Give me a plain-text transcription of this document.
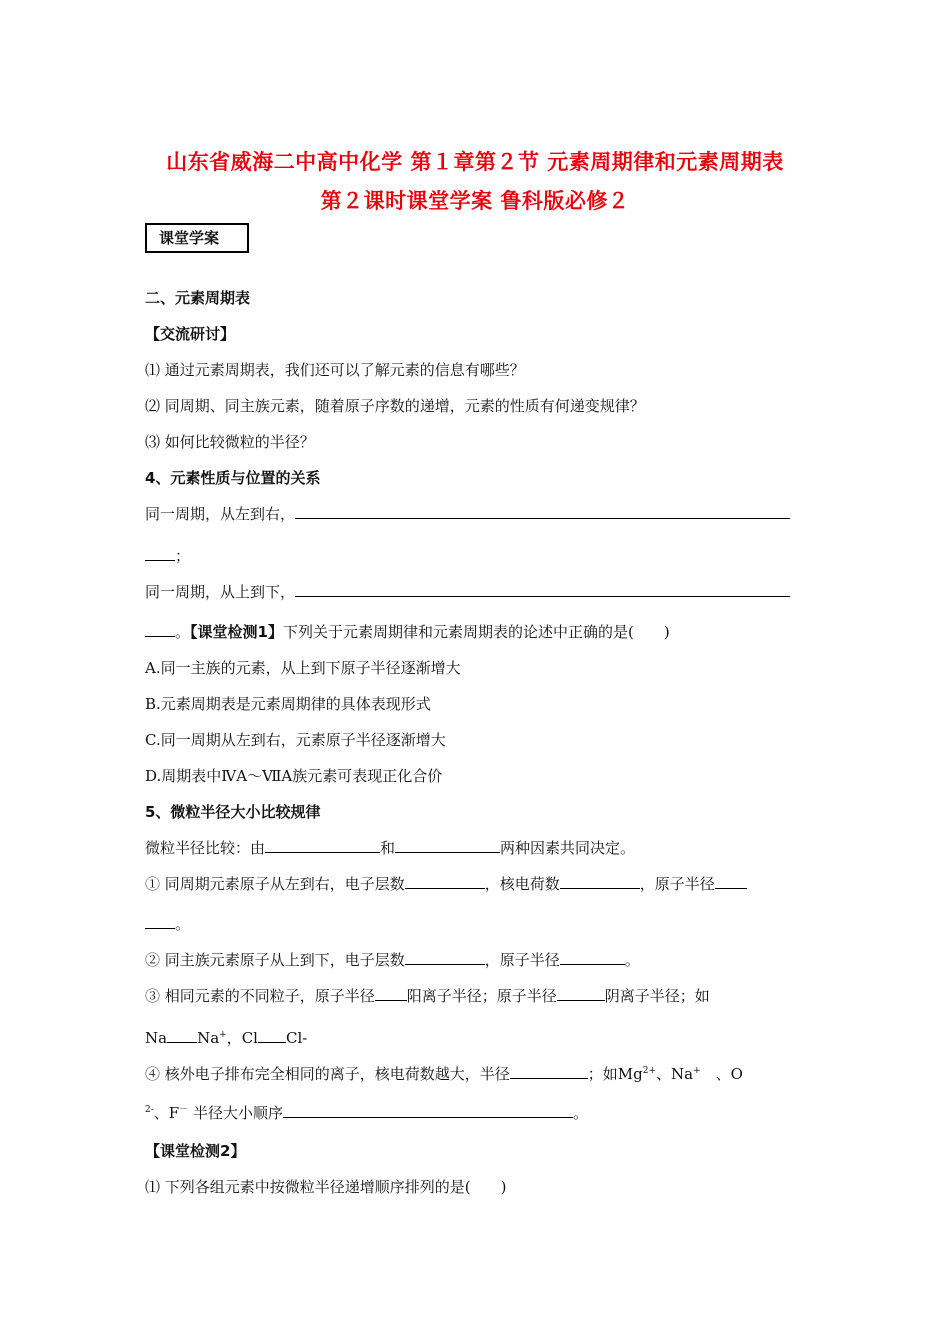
山东省威海二中高中化学 第１章第２节 元素周期律和元素周期表
第２课时课堂学案 鲁科版必修２
课堂学案
二、元素周期表
【交流研讨】
⑴ 通过元素周期表，我们还可以了解元素的信息有哪些？
⑵ 同周期、同主族元素，随着原子序数的递增，元素的性质有何递变规律？
⑶ 如何比较微粒的半径？
4、元素性质与位置的关系
同一周期，从左到右，
；
同一周期，从上到下，
。【课堂检测1】下列关于元素周期律和元素周期表的论述中正确的是(　　)
A.同一主族的元素，从上到下原子半径逐渐增大
B.元素周期表是元素周期律的具体表现形式
C.同一周期从左到右，元素原子半径逐渐增大
D.周期表中ⅣA～ⅦA族元素可表现正化合价
5、微粒半径大小比较规律
微粒半径比较：由	和	两种因素共同决定。
① 同周期元素原子从左到右，电子层数	，核电荷数	，原子半径
。
② 同主族元素原子从上到下，电子层数	，原子半径	。
③ 相同元素的不同粒子，原子半径 阳离子半径；原子半径	阴离子半径；如
Na Na+，Cl Cl-
④ 核外电子排布完全相同的离子，核电荷数越大，半径	；如$Mg^{2+}$、Na+　、O
$^{2-}$、F－ 半径大小顺序	。
【课堂检测2】
⑴ 下列各组元素中按微粒半径递增顺序排列的是(　　)
